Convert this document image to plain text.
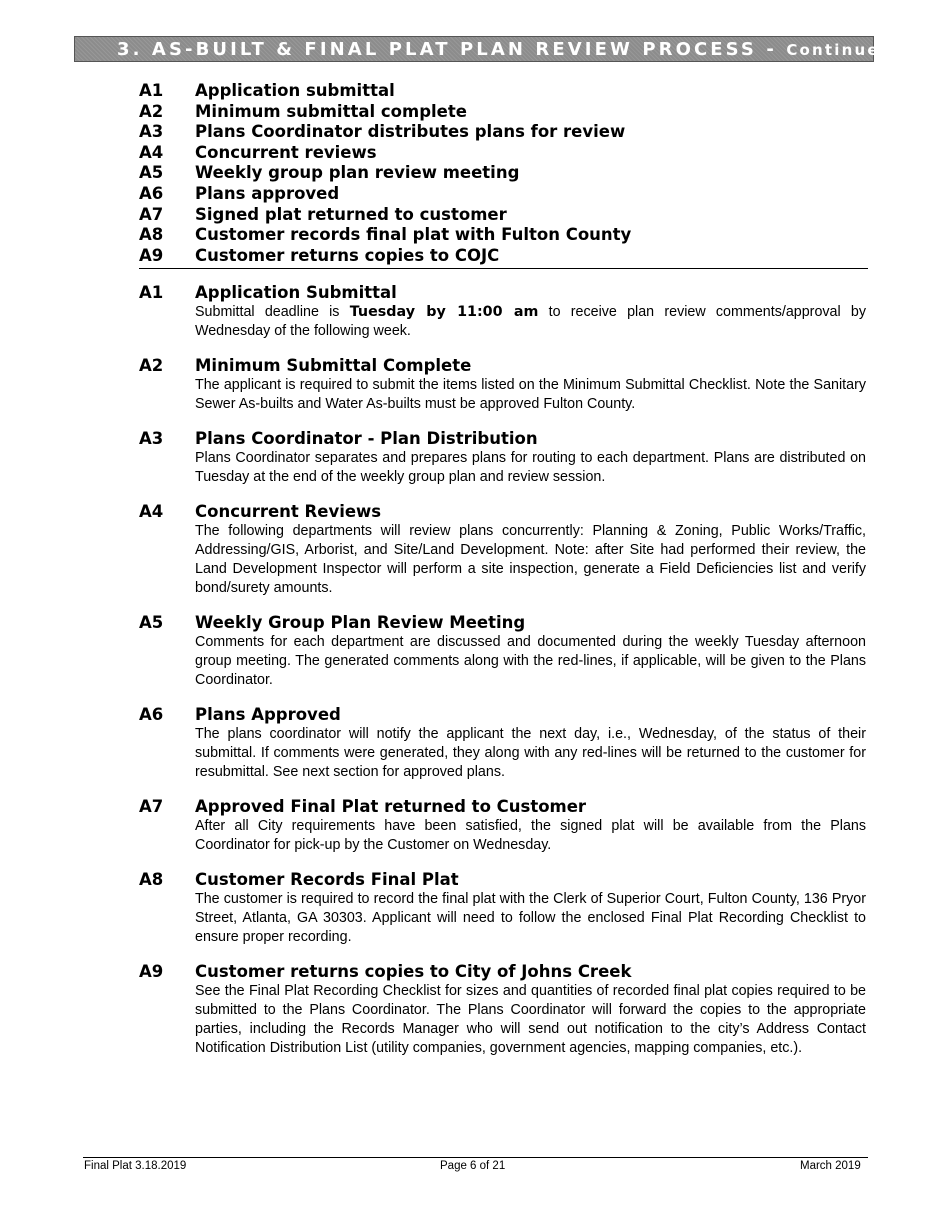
3. AS-BUILT & FINAL PLAT PLAN REVIEW PROCESS - Continued
A1 Application submittal
A2 Minimum submittal complete
A3 Plans Coordinator distributes plans for review
A4 Concurrent reviews
A5 Weekly group plan review meeting
A6 Plans approved
A7 Signed plat returned to customer
A8 Customer records final plat with Fulton County
A9 Customer returns copies to COJC
A1 Application Submittal
Submittal deadline is Tuesday by 11:00 am to receive plan review comments/approval by Wednesday of the following week.
A2 Minimum Submittal Complete
The applicant is required to submit the items listed on the Minimum Submittal Checklist. Note the Sanitary Sewer As-builts and Water As-builts must be approved Fulton County.
A3 Plans Coordinator - Plan Distribution
Plans Coordinator separates and prepares plans for routing to each department. Plans are distributed on Tuesday at the end of the weekly group plan and review session.
A4 Concurrent Reviews
The following departments will review plans concurrently: Planning & Zoning, Public Works/Traffic, Addressing/GIS, Arborist, and Site/Land Development. Note: after Site had performed their review, the Land Development Inspector will perform a site inspection, generate a Field Deficiencies list and verify bond/surety amounts.
A5 Weekly Group Plan Review Meeting
Comments for each department are discussed and documented during the weekly Tuesday afternoon group meeting. The generated comments along with the red-lines, if applicable, will be given to the Plans Coordinator.
A6 Plans Approved
The plans coordinator will notify the applicant the next day, i.e., Wednesday, of the status of their submittal. If comments were generated, they along with any red-lines will be returned to the customer for resubmittal. See next section for approved plans.
A7 Approved Final Plat returned to Customer
After all City requirements have been satisfied, the signed plat will be available from the Plans Coordinator for pick-up by the Customer on Wednesday.
A8 Customer Records Final Plat
The customer is required to record the final plat with the Clerk of Superior Court, Fulton County, 136 Pryor Street, Atlanta, GA 30303. Applicant will need to follow the enclosed Final Plat Recording Checklist to ensure proper recording.
A9 Customer returns copies to City of Johns Creek
See the Final Plat Recording Checklist for sizes and quantities of recorded final plat copies required to be submitted to the Plans Coordinator. The Plans Coordinator will forward the copies to the appropriate parties, including the Records Manager who will send out notification to the city’s Address Contact Notification Distribution List (utility companies, government agencies, mapping companies, etc.).
Final Plat 3.18.2019	Page 6 of 21	March 2019
